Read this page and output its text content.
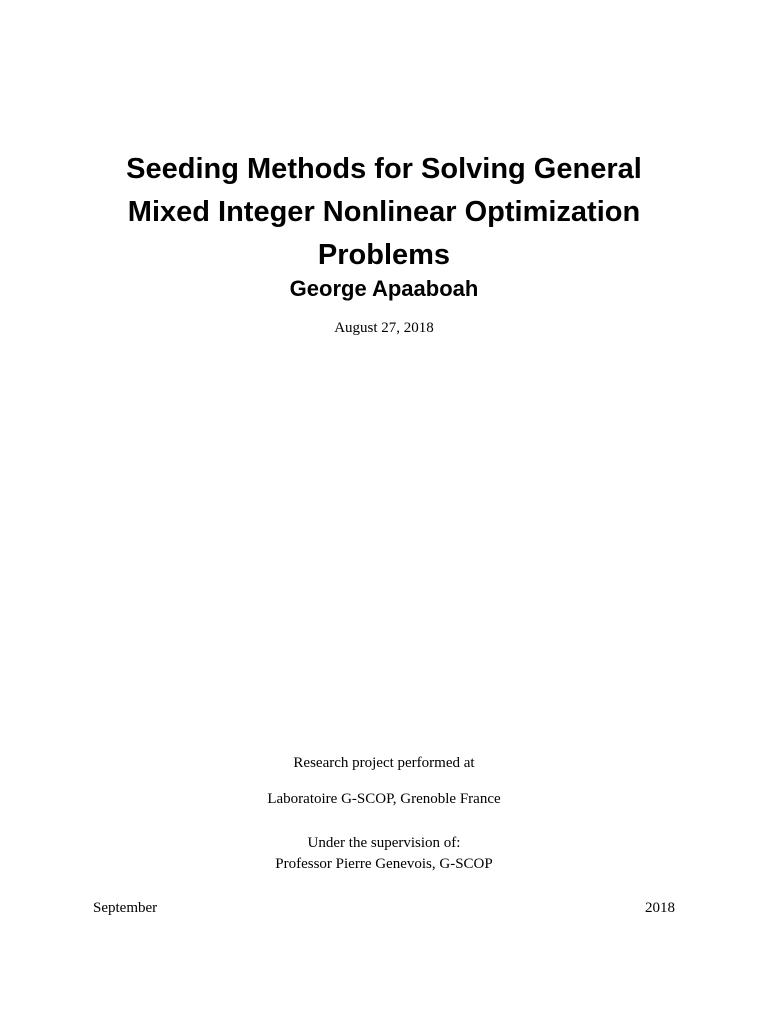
Seeding Methods for Solving General
Mixed Integer Nonlinear Optimization
Problems
George Apaaboah
August 27, 2018
Research project performed at
Laboratoire G-SCOP, Grenoble France
Under the supervision of:
Professor Pierre Genevois, G-SCOP
September	2018
